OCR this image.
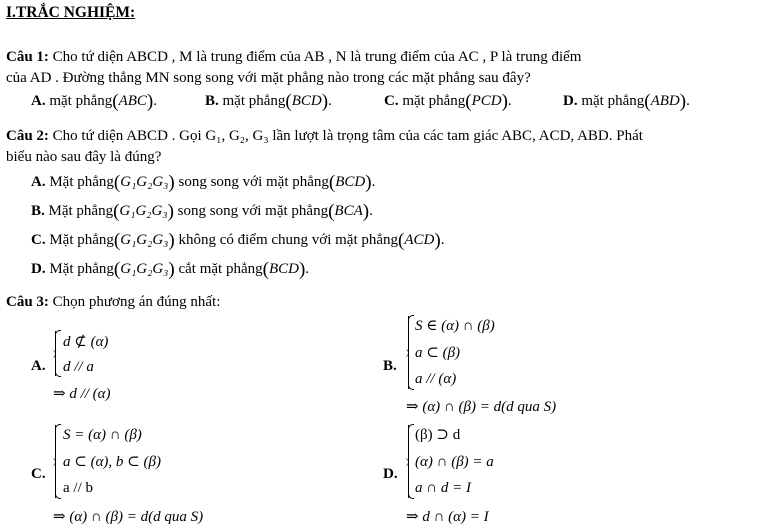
I.TRẮC NGHIỆM:
Câu 1: Cho tứ diện ABCD , M là trung điểm của AB , N là trung điểm của AC , P là trung điểm
của AD . Đường thẳng MN song song với mặt phẳng nào trong các mặt phẳng sau đây?
A. mặt phẳng(ABC).	B. mặt phẳng(BCD).	C. mặt phẳng(PCD).	D. mặt phẳng(ABD).
Câu 2: Cho tứ diện ABCD . Gọi G₁, G₂, G₃ lần lượt là trọng tâm của các tam giác ABC, ACD, ABD. Phát
biểu nào sau đây là đúng?
A. Mặt phẳng(G₁G₂G₃) song song với mặt phẳng(BCD).
B. Mặt phẳng(G₁G₂G₃) song song với mặt phẳng(BCA).
C. Mặt phẳng(G₁G₂G₃) không có điểm chung với mặt phẳng(ACD).
D. Mặt phẳng(G₁G₂G₃) cắt mặt phẳng(BCD).
Câu 3: Chọn phương án đúng nhất:
A.
d ⊄ (α)
d // a
⇒ d // (α)
B.
S ∈ (α) ∩ (β)
a ⊂ (β)
a // (α)
⇒ (α) ∩ (β) = d(d qua S)
C.
S = (α) ∩ (β)
a ⊂ (α), b ⊂ (β)
a // b
⇒ (α) ∩ (β) = d(d qua S)
D.
(β) ⊃ d
(α) ∩ (β) = a
a ∩ d = I
⇒ d ∩ (α) = I
